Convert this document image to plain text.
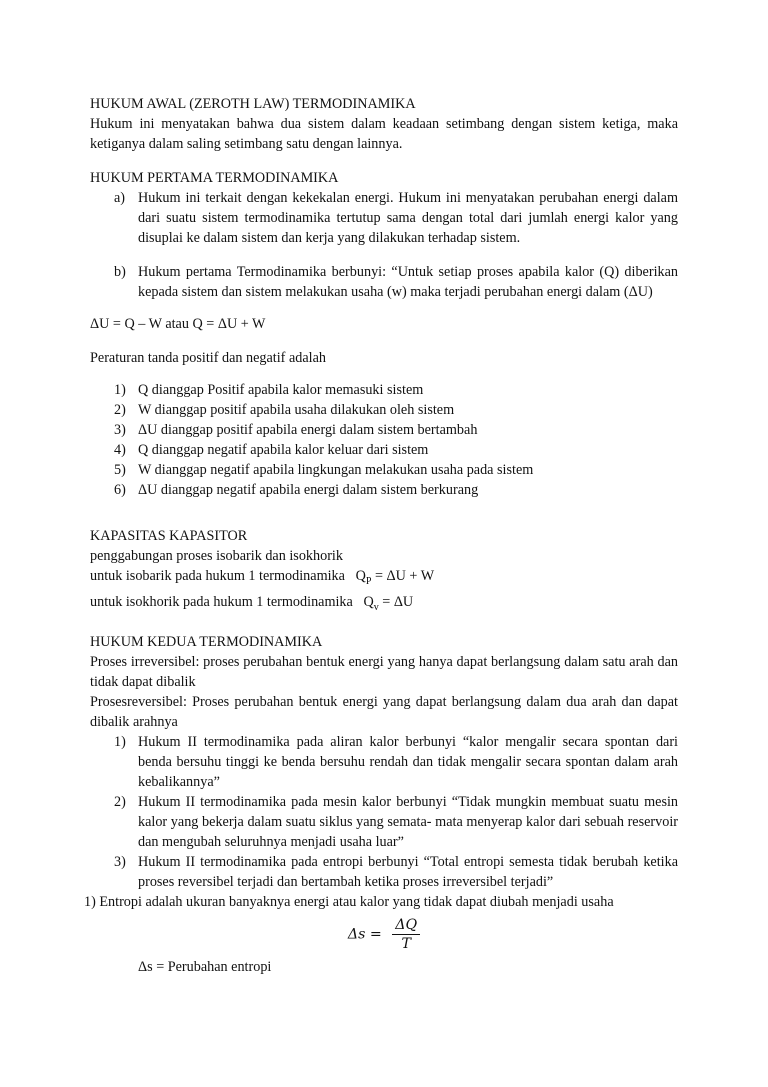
HUKUM AWAL (ZEROTH LAW) TERMODINAMIKA

Hukum ini menyatakan bahwa dua sistem dalam keadaan setimbang dengan sistem ketiga, maka ketiganya dalam saling setimbang satu dengan lainnya.

HUKUM PERTAMA TERMODINAMIKA

a) Hukum ini terkait dengan kekekalan energi. Hukum ini menyatakan perubahan energi dalam dari suatu sistem termodinamika tertutup sama dengan total dari jumlah energi kalor yang disuplai ke dalam sistem dan kerja yang dilakukan terhadap sistem.
b) Hukum pertama Termodinamika berbunyi: “Untuk setiap proses apabila kalor (Q) diberikan kepada sistem dan sistem melakukan usaha (w) maka terjadi perubahan energi dalam (ΔU)

ΔU = Q – W atau Q = ΔU + W

Peraturan tanda positif dan negatif adalah

1) Q dianggap Positif apabila kalor memasuki sistem
2) W dianggap positif apabila usaha dilakukan oleh sistem
3) ΔU dianggap positif apabila energi dalam sistem bertambah
4) Q dianggap negatif apabila kalor keluar dari sistem
5) W dianggap negatif apabila lingkungan melakukan usaha pada sistem
6) ΔU dianggap negatif apabila energi dalam sistem berkurang

KAPASITAS KAPASITOR

penggabungan proses isobarik dan isokhorik

untuk isobarik pada hukum 1 termodinamika $Q_P = \Delta U + W$

untuk isokhorik pada hukum 1 termodinamika $Q_v = \Delta U$

HUKUM KEDUA TERMODINAMIKA

Proses irreversibel: proses perubahan bentuk energi yang hanya dapat berlangsung dalam satu arah dan tidak dapat dibalik

Prosesreversibel: Proses perubahan bentuk energi yang dapat berlangsung dalam dua arah dan dapat dibalik arahnya

1) Hukum II termodinamika pada aliran kalor berbunyi “kalor mengalir secara spontan dari benda bersuhu tinggi ke benda bersuhu rendah dan tidak mengalir secara spontan dalam arah kebalikannya”
2) Hukum II termodinamika pada mesin kalor berbunyi “Tidak mungkin membuat suatu mesin kalor yang bekerja dalam suatu siklus yang semata- mata menyerap kalor dari sebuah reservoir dan mengubah seluruhnya menjadi usaha luar”
3) Hukum II termodinamika pada entropi berbunyi “Total entropi semesta tidak berubah ketika proses reversibel terjadi dan bertambah ketika proses irreversibel terjadi”

1) Entropi adalah ukuran banyaknya energi atau kalor yang tidak dapat diubah menjadi usaha

$\Delta s = \frac{\Delta Q}{T}$

Δs = Perubahan entropi
